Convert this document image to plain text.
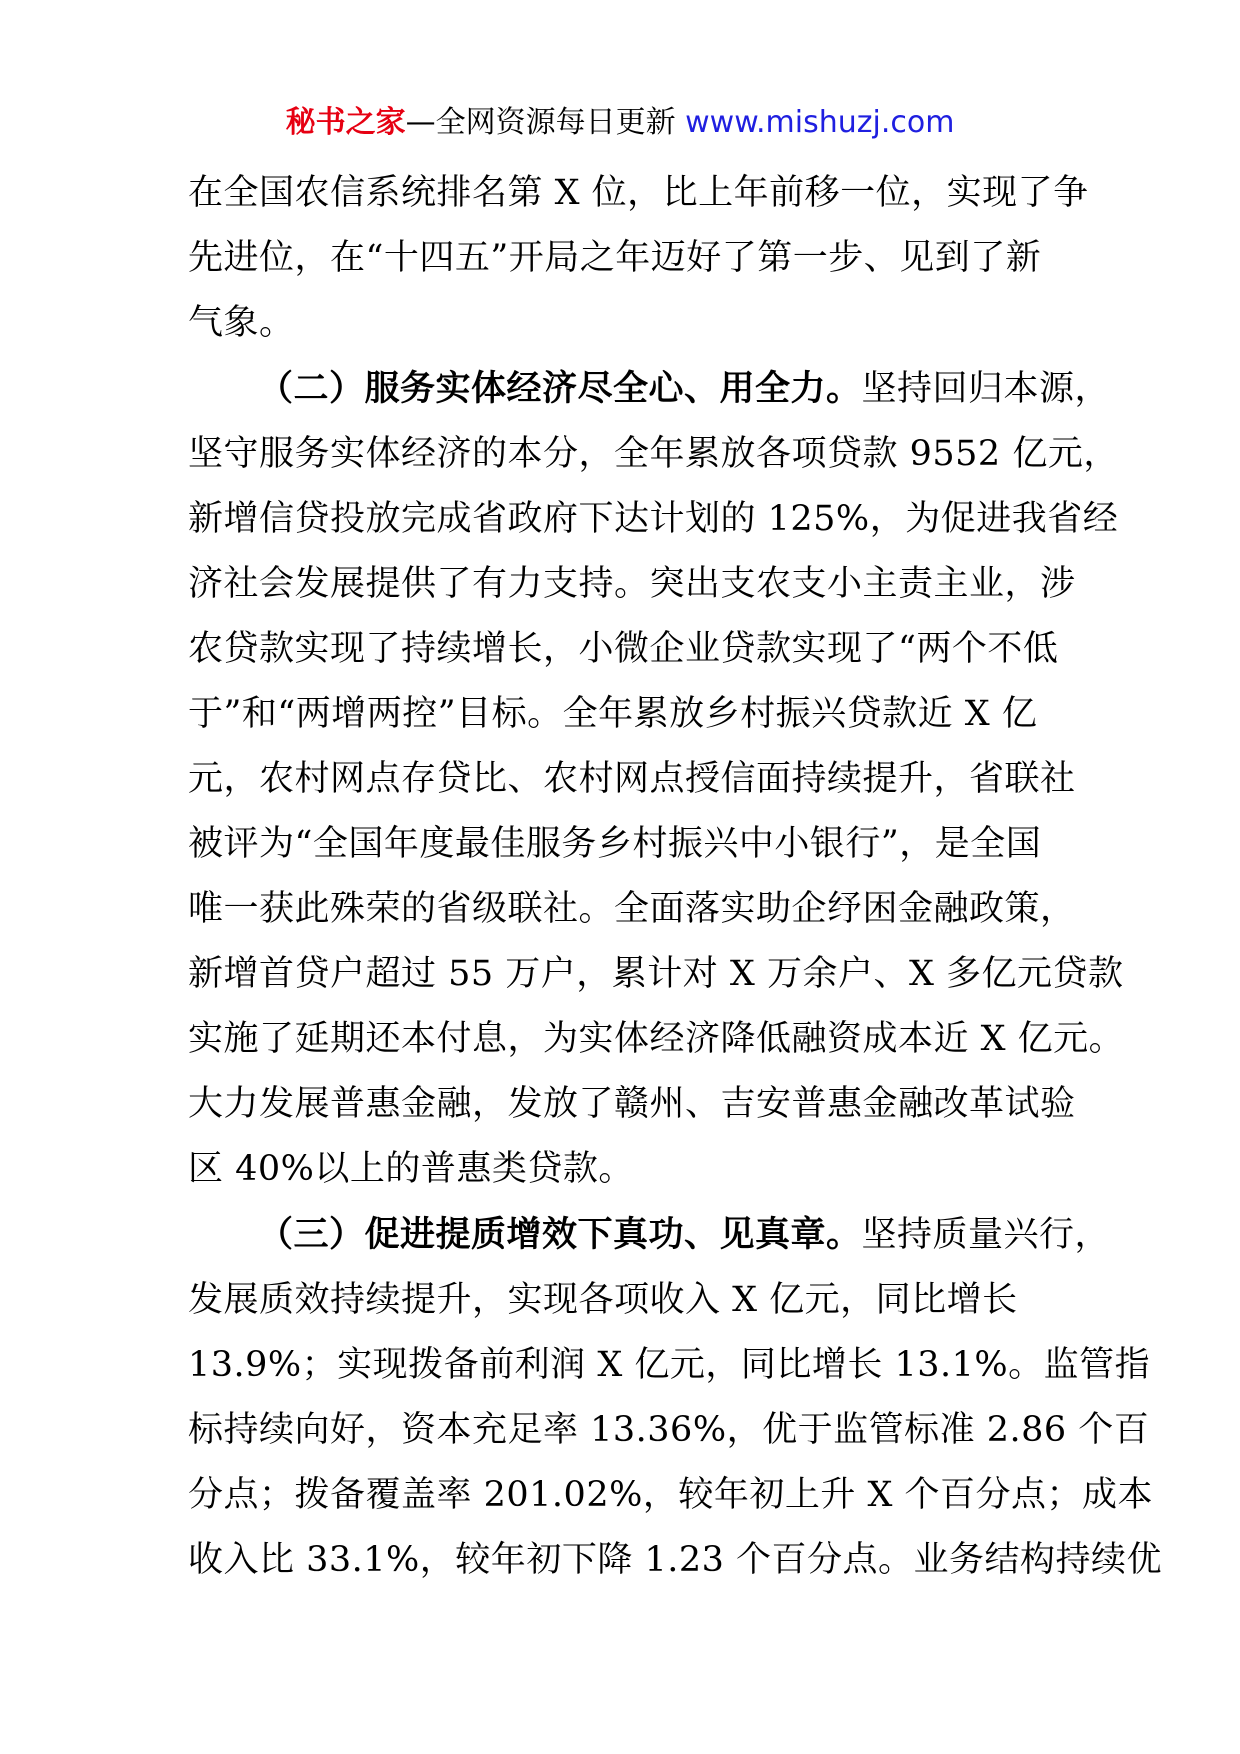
秘书之家—全网资源每日更新 www.mishuzj.com

在全国农信系统排名第 X 位，比上年前移一位，实现了争
先进位，在“十四五”开局之年迈好了第一步、见到了新
气象。

（二）服务实体经济尽全心、用全力。坚持回归本源，
坚守服务实体经济的本分，全年累放各项贷款 9552 亿元，
新增信贷投放完成省政府下达计划的 125%，为促进我省经
济社会发展提供了有力支持。突出支农支小主责主业，涉
农贷款实现了持续增长，小微企业贷款实现了“两个不低
于”和“两增两控”目标。全年累放乡村振兴贷款近 X 亿
元，农村网点存贷比、农村网点授信面持续提升，省联社
被评为“全国年度最佳服务乡村振兴中小银行”，是全国
唯一获此殊荣的省级联社。全面落实助企纾困金融政策，
新增首贷户超过 55 万户，累计对 X 万余户、X 多亿元贷款
实施了延期还本付息，为实体经济降低融资成本近 X 亿元。
大力发展普惠金融，发放了赣州、吉安普惠金融改革试验
区 40%以上的普惠类贷款。

（三）促进提质增效下真功、见真章。坚持质量兴行，
发展质效持续提升，实现各项收入 X 亿元，同比增长
13.9%；实现拨备前利润 X 亿元，同比增长 13.1%。监管指
标持续向好，资本充足率 13.36%，优于监管标准 2.86 个百
分点；拨备覆盖率 201.02%，较年初上升 X 个百分点；成本
收入比 33.1%，较年初下降 1.23 个百分点。业务结构持续优
